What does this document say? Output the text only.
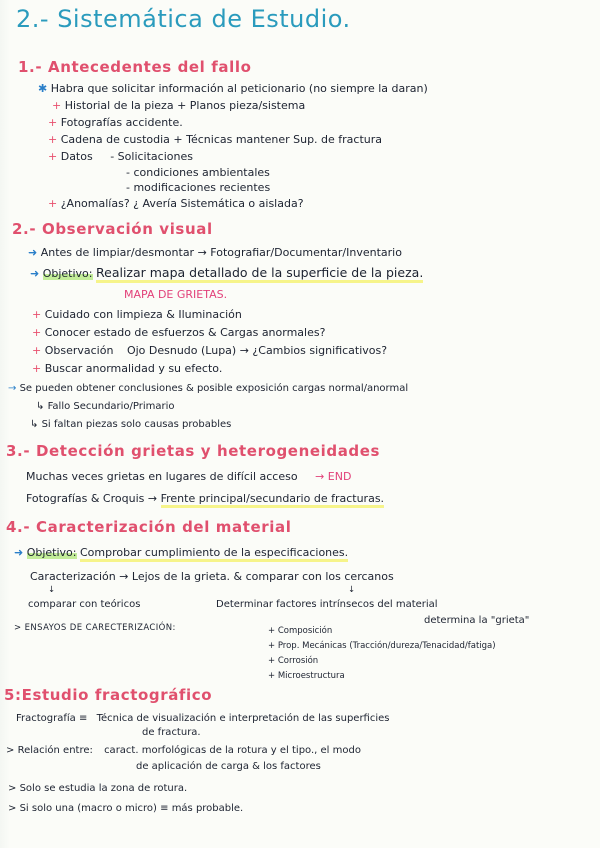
2.- Sistemática de Estudio.
1.- Antecedentes del fallo
✱ Habra que solicitar información al peticionario (no siempre la daran)
+ Historial de la pieza + Planos pieza/sistema
+ Fotografías accidente.
+ Cadena de custodia + Técnicas mantener Sup. de fractura
+ Datos - Solicitaciones
- condiciones ambientales
- modificaciones recientes
+ ¿Anomalías? ¿ Avería Sistemática o aislada?
2.- Observación visual
➜ Antes de limpiar/desmontar → Fotografiar/Documentar/Inventario
➜ Objetivo: Realizar mapa detallado de la superficie de la pieza.
MAPA DE GRIETAS.
+ Cuidado con limpieza & Iluminación
+ Conocer estado de esfuerzos & Cargas anormales?
+ Observación Ojo Desnudo (Lupa) → ¿Cambios significativos?
+ Buscar anormalidad y su efecto.
→ Se pueden obtener conclusiones & posible exposición cargas normal/anormal
↳ Fallo Secundario/Primario
↳ Si faltan piezas solo causas probables
3.- Detección grietas y heterogeneidades
Muchas veces grietas en lugares de difícil acceso → END
Fotografías & Croquis → Frente principal/secundario de fracturas.
4.- Caracterización del material
➜ Objetivo: Comprobar cumplimiento de la especificaciones.
Caracterización → Lejos de la grieta. & comparar con los cercanos
↓	↓
comparar con teóricos	Determinar factores intrínsecos del material
determina la "grieta"
> ENSAYOS DE CARECTERIZACIÓN:	+ Composición
+ Prop. Mecánicas (Tracción/dureza/Tenacidad/fatiga)
+ Corrosión
+ Microestructura
5:Estudio fractográfico
Fractografía ≡ Técnica de visualización e interpretación de las superficies
de fractura.
> Relación entre: caract. morfológicas de la rotura y el tipo., el modo
de aplicación de carga & los factores
> Solo se estudia la zona de rotura.
> Si solo una (macro o micro) ≡ más probable.
